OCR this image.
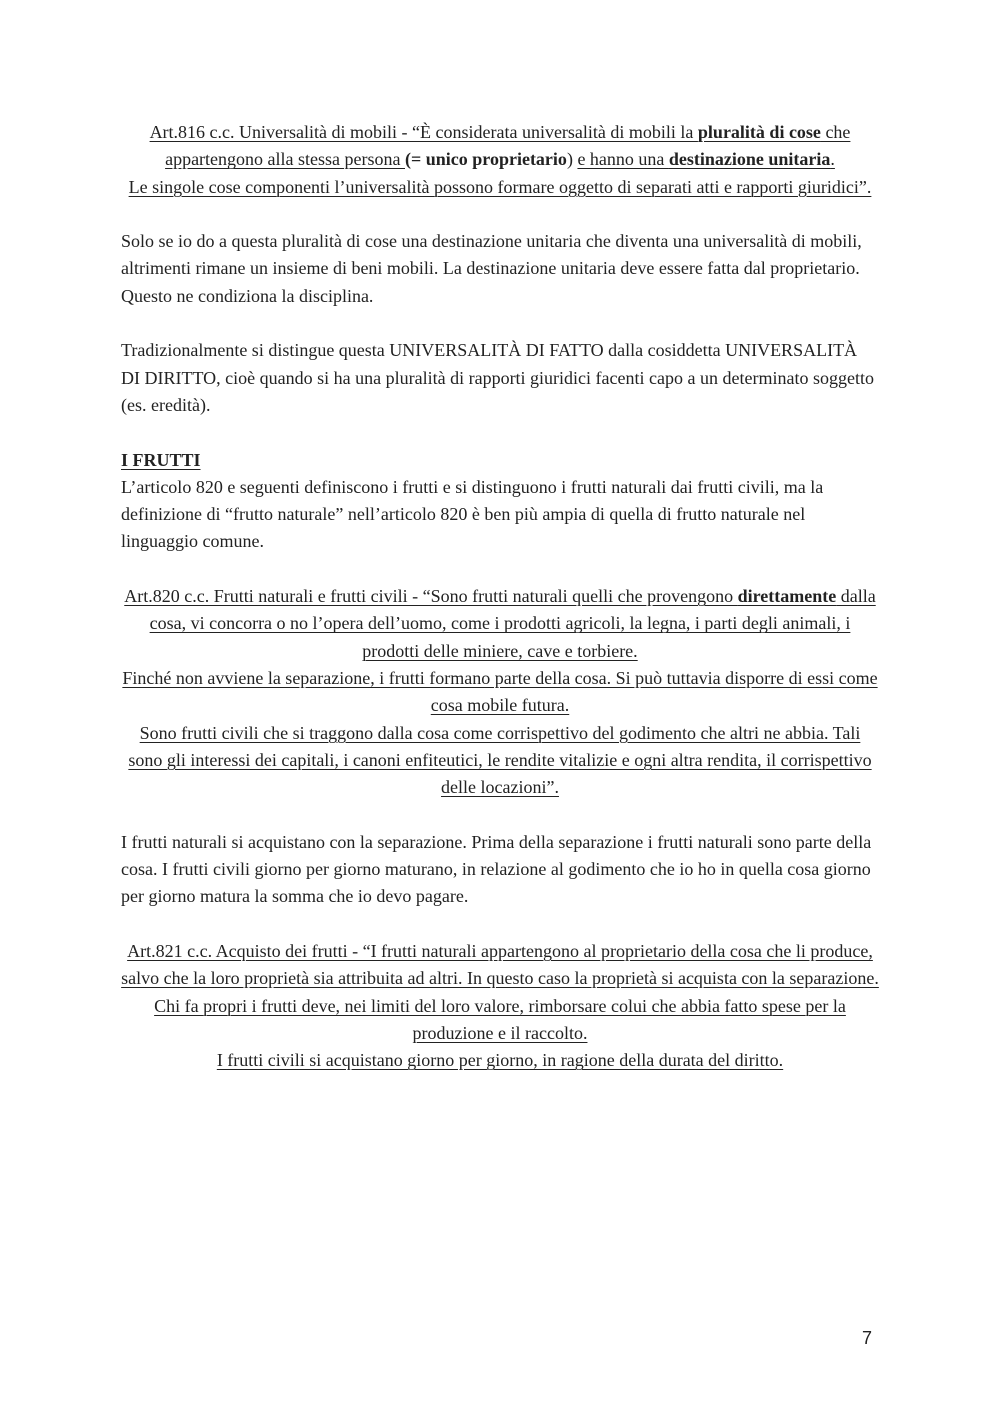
Art.816 c.c. Universalità di mobili - “È considerata universalità di mobili la pluralità di cose che appartengono alla stessa persona (= unico proprietario) e hanno una destinazione unitaria.

Le singole cose componenti l’universalità possono formare oggetto di separati atti e rapporti giuridici”.

Solo se io do a questa pluralità di cose una destinazione unitaria che diventa una universalità di mobili, altrimenti rimane un insieme di beni mobili. La destinazione unitaria deve essere fatta dal proprietario.

Questo ne condiziona la disciplina.

Tradizionalmente si distingue questa UNIVERSALITÀ DI FATTO dalla cosiddetta UNIVERSALITÀ DI DIRITTO, cioè quando si ha una pluralità di rapporti giuridici facenti capo a un determinato soggetto (es. eredità).

I FRUTTI

L’articolo 820 e seguenti definiscono i frutti e si distinguono i frutti naturali dai frutti civili, ma la definizione di “frutto naturale” nell’articolo 820 è ben più ampia di quella di frutto naturale nel linguaggio comune.

Art.820 c.c. Frutti naturali e frutti civili - “Sono frutti naturali quelli che provengono direttamente dalla cosa, vi concorra o no l’opera dell’uomo, come i prodotti agricoli, la legna, i parti degli animali, i prodotti delle miniere, cave e torbiere.

Finché non avviene la separazione, i frutti formano parte della cosa. Si può tuttavia disporre di essi come cosa mobile futura.

Sono frutti civili che si traggono dalla cosa come corrispettivo del godimento che altri ne abbia. Tali sono gli interessi dei capitali, i canoni enfiteutici, le rendite vitalizie e ogni altra rendita, il corrispettivo delle locazioni”.

I frutti naturali si acquistano con la separazione. Prima della separazione i frutti naturali sono parte della cosa. I frutti civili giorno per giorno maturano, in relazione al godimento che io ho in quella cosa giorno per giorno matura la somma che io devo pagare.

Art.821 c.c. Acquisto dei frutti - “I frutti naturali appartengono al proprietario della cosa che li produce, salvo che la loro proprietà sia attribuita ad altri. In questo caso la proprietà si acquista con la separazione.

Chi fa propri i frutti deve, nei limiti del loro valore, rimborsare colui che abbia fatto spese per la produzione e il raccolto.

I frutti civili si acquistano giorno per giorno, in ragione della durata del diritto.

7
